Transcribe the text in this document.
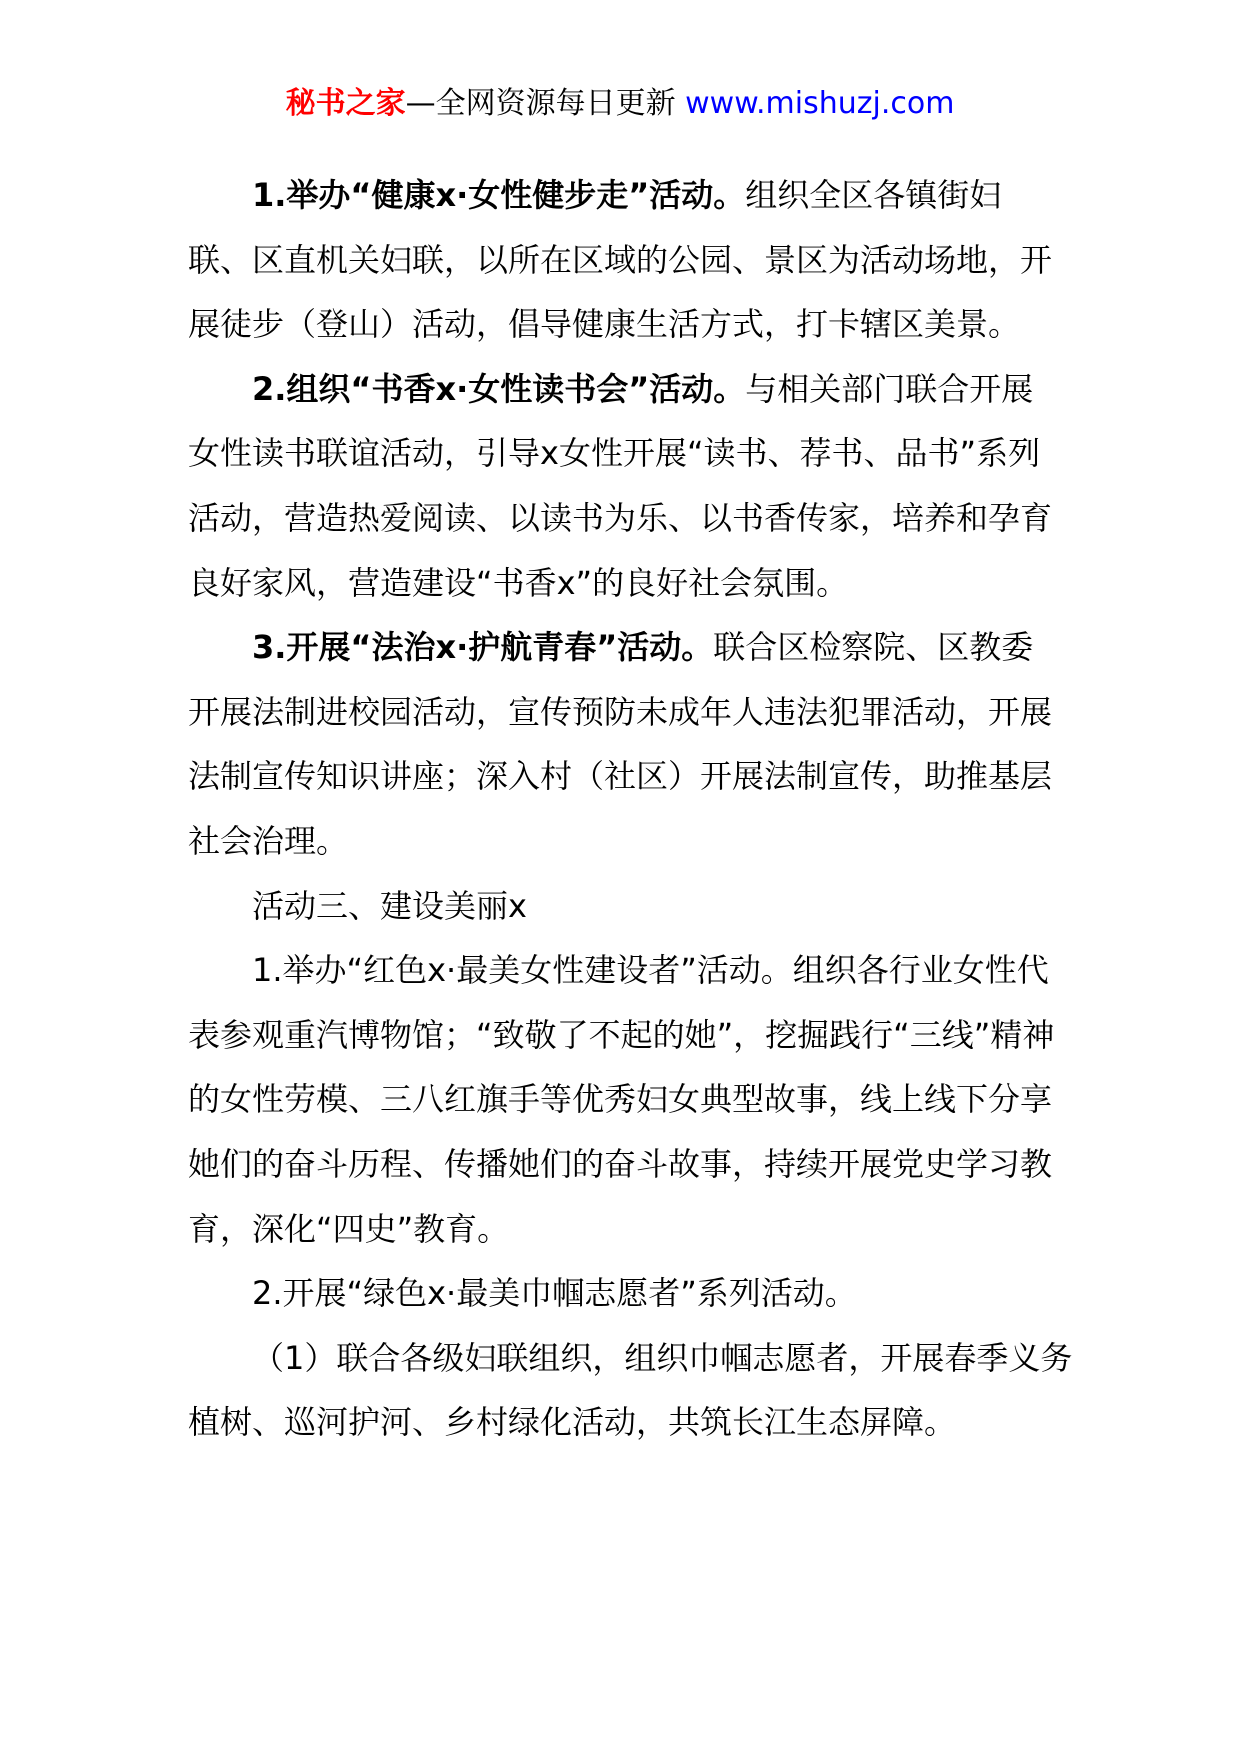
秘书之家—全网资源每日更新 www.mishuzj.com

1.举办“健康x·女性健步走”活动。组织全区各镇街妇联、区直机关妇联，以所在区域的公园、景区为活动场地，开展徒步（登山）活动，倡导健康生活方式，打卡辖区美景。

2.组织“书香x·女性读书会”活动。与相关部门联合开展女性读书联谊活动，引导x女性开展“读书、荐书、品书”系列活动，营造热爱阅读、以读书为乐、以书香传家，培养和孕育良好家风，营造建设“书香x”的良好社会氛围。

3.开展“法治x·护航青春”活动。联合区检察院、区教委开展法制进校园活动，宣传预防未成年人违法犯罪活动，开展法制宣传知识讲座；深入村（社区）开展法制宣传，助推基层社会治理。

活动三、建设美丽x

1.举办“红色x·最美女性建设者”活动。组织各行业女性代表参观重汽博物馆；“致敬了不起的她”，挖掘践行“三线”精神的女性劳模、三八红旗手等优秀妇女典型故事，线上线下分享她们的奋斗历程、传播她们的奋斗故事，持续开展党史学习教育，深化“四史”教育。

2.开展“绿色x·最美巾帼志愿者”系列活动。

（1）联合各级妇联组织，组织巾帼志愿者，开展春季义务植树、巡河护河、乡村绿化活动，共筑长江生态屏障。
